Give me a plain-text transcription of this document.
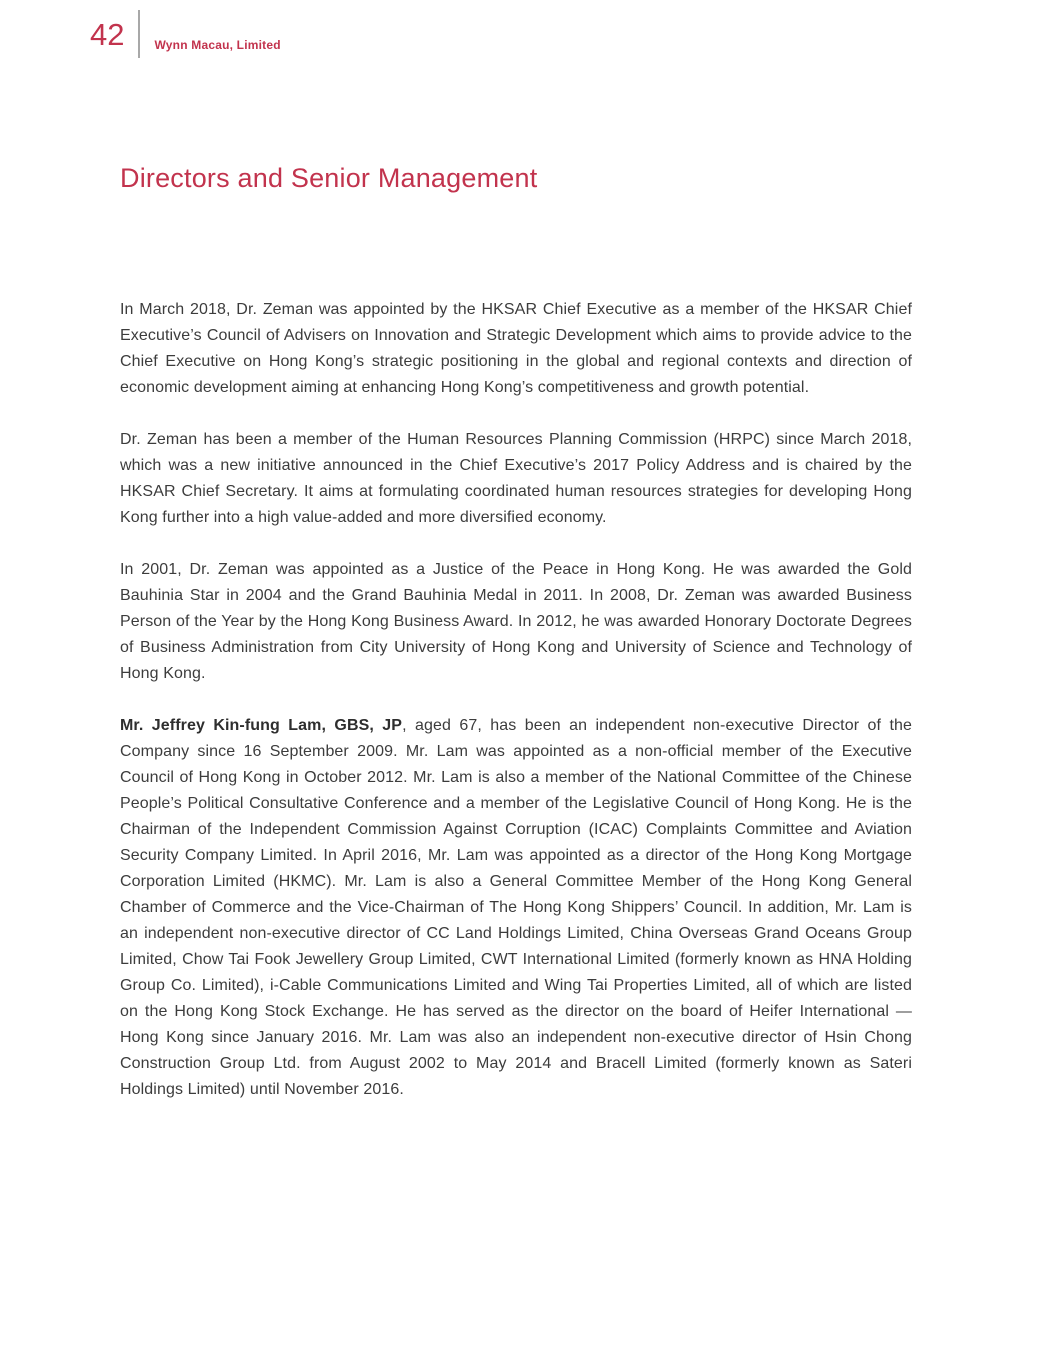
42	Wynn Macau, Limited
Directors and Senior Management

In March 2018, Dr. Zeman was appointed by the HKSAR Chief Executive as a member of the HKSAR Chief Executive’s Council of Advisers on Innovation and Strategic Development which aims to provide advice to the Chief Executive on Hong Kong’s strategic positioning in the global and regional contexts and direction of economic development aiming at enhancing Hong Kong’s competitiveness and growth potential.

Dr. Zeman has been a member of the Human Resources Planning Commission (HRPC) since March 2018, which was a new initiative announced in the Chief Executive’s 2017 Policy Address and is chaired by the HKSAR Chief Secretary. It aims at formulating coordinated human resources strategies for developing Hong Kong further into a high value-added and more diversified economy.

In 2001, Dr. Zeman was appointed as a Justice of the Peace in Hong Kong. He was awarded the Gold Bauhinia Star in 2004 and the Grand Bauhinia Medal in 2011. In 2008, Dr. Zeman was awarded Business Person of the Year by the Hong Kong Business Award. In 2012, he was awarded Honorary Doctorate Degrees of Business Administration from City University of Hong Kong and University of Science and Technology of Hong Kong.

Mr. Jeffrey Kin-fung Lam, GBS, JP, aged 67, has been an independent non-executive Director of the Company since 16 September 2009. Mr. Lam was appointed as a non-official member of the Executive Council of Hong Kong in October 2012. Mr. Lam is also a member of the National Committee of the Chinese People’s Political Consultative Conference and a member of the Legislative Council of Hong Kong. He is the Chairman of the Independent Commission Against Corruption (ICAC) Complaints Committee and Aviation Security Company Limited. In April 2016, Mr. Lam was appointed as a director of the Hong Kong Mortgage Corporation Limited (HKMC). Mr. Lam is also a General Committee Member of the Hong Kong General Chamber of Commerce and the Vice-Chairman of The Hong Kong Shippers’ Council. In addition, Mr. Lam is an independent non-executive director of CC Land Holdings Limited, China Overseas Grand Oceans Group Limited, Chow Tai Fook Jewellery Group Limited, CWT International Limited (formerly known as HNA Holding Group Co. Limited), i-Cable Communications Limited and Wing Tai Properties Limited, all of which are listed on the Hong Kong Stock Exchange. He has served as the director on the board of Heifer International — Hong Kong since January 2016. Mr. Lam was also an independent non-executive director of Hsin Chong Construction Group Ltd. from August 2002 to May 2014 and Bracell Limited (formerly known as Sateri Holdings Limited) until November 2016.
